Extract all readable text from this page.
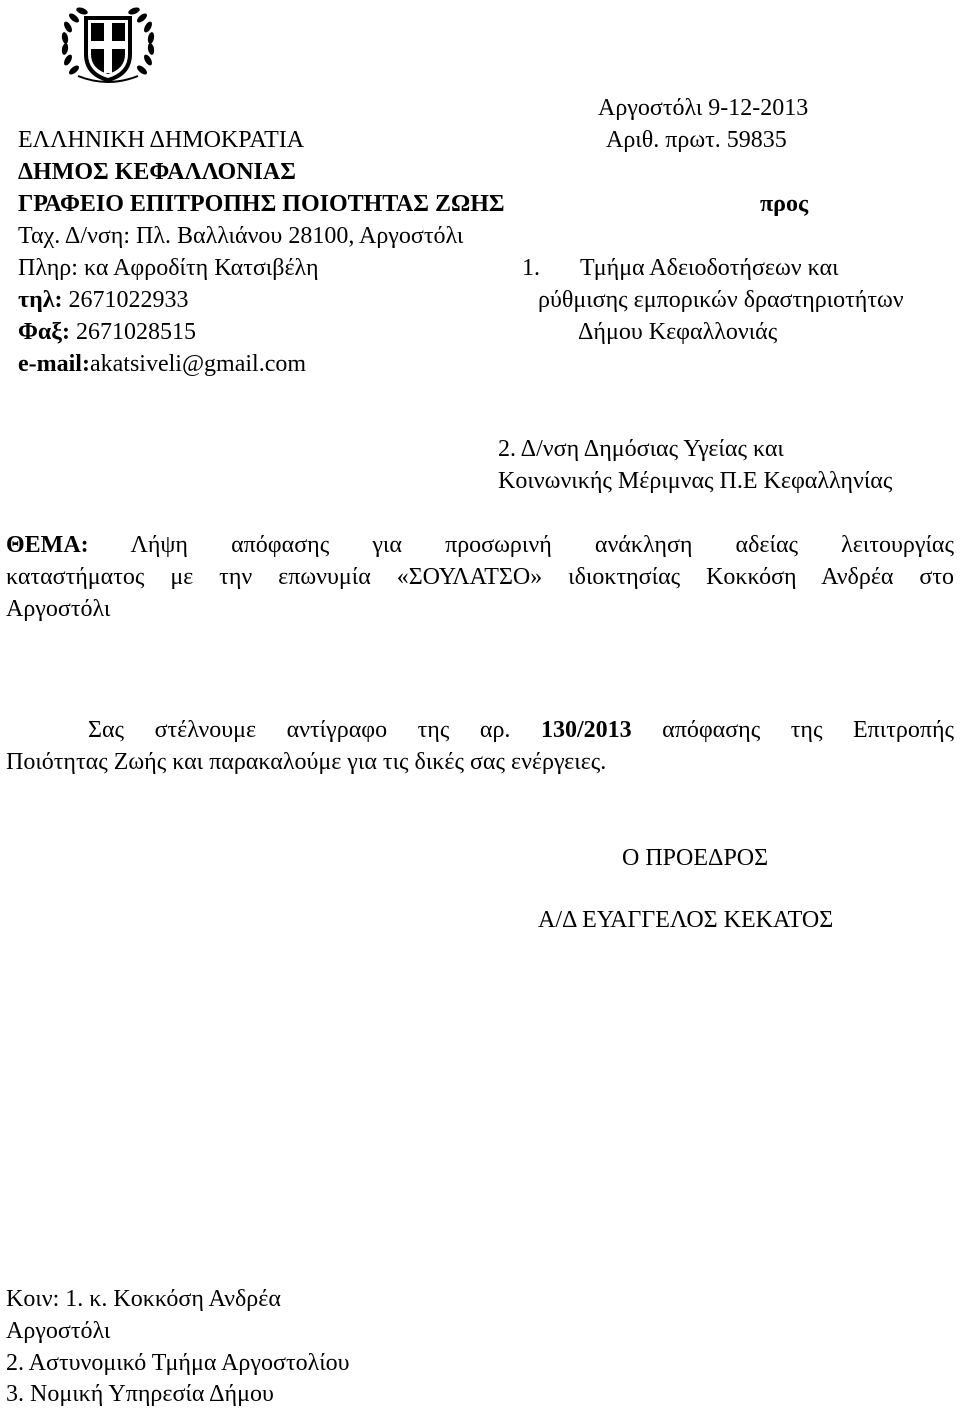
Αργοστόλι 9-12-2013
Αριθ. πρωτ. 59835
προς
ΕΛΛΗΝΙΚΗ ΔΗΜΟΚΡΑΤΙΑ
ΔΗΜΟΣ ΚΕΦΑΛΛΟΝΙΑΣ
ΓΡΑΦΕΙΟ ΕΠΙΤΡΟΠΗΣ ΠΟΙΟΤΗΤΑΣ ΖΩΗΣ
Ταχ. Δ/νση: Πλ. Βαλλιάνου 28100, Αργοστόλι
Πληρ: κα Αφροδίτη Κατσιβέλη
τηλ: 2671022933
Φαξ: 2671028515
e-mail:akatsiveli@gmail.com
1. Τμήμα Αδειοδοτήσεων και
ρύθμισης εμπορικών δραστηριοτήτων
Δήμου Κεφαλλονιάς
2. Δ/νση Δημόσιας Υγείας και
Κοινωνικής Μέριμνας Π.Ε Κεφαλληνίας
ΘΕΜΑ: Λήψη απόφασης για προσωρινή ανάκληση αδείας λειτουργίας
καταστήματος με την επωνυμία «ΣΟΥΛΑΤΣΟ» ιδιοκτησίας Κοκκόση Ανδρέα στο
Αργοστόλι
Σας στέλνουμε αντίγραφο της αρ. 130/2013 απόφασης της Επιτροπής
Ποιότητας Ζωής και παρακαλούμε για τις δικές σας ενέργειες.
Ο ΠΡΟΕΔΡΟΣ
Α/Δ ΕΥΑΓΓΕΛΟΣ ΚΕΚΑΤΟΣ
Κοιν: 1. κ. Κοκκόση Ανδρέα
Αργοστόλι
2. Αστυνομικό Τμήμα Αργοστολίου
3. Νομική Υπηρεσία Δήμου
